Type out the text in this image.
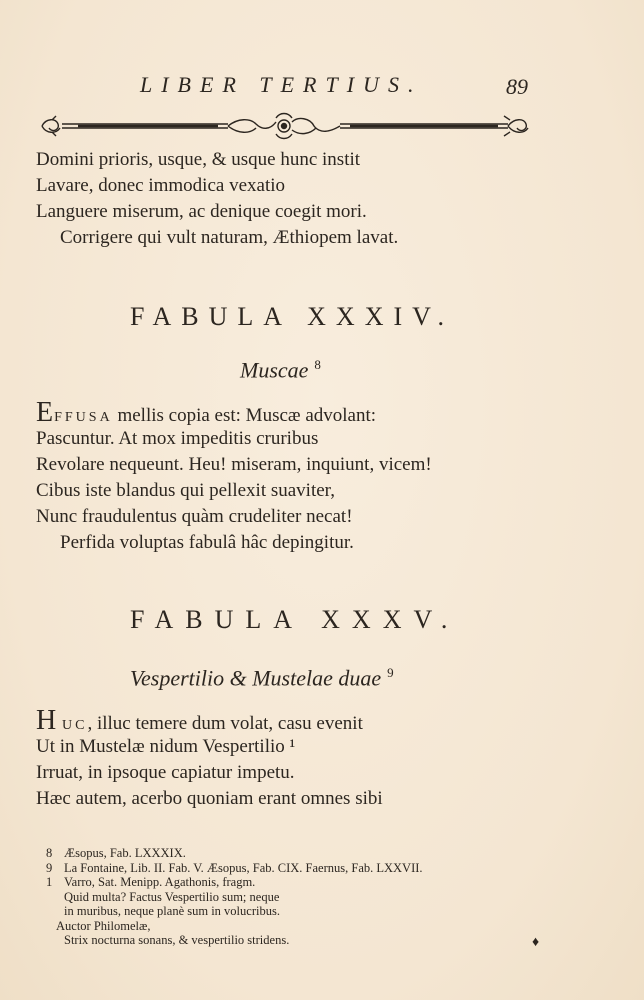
LIBER TERTIUS.	89
Domini prioris, usque, & usque hunc instit
Lavare, donec immodica vexatio
Languere miserum, ac denique coegit mori.
Corrigere qui vult naturam, Æthiopem lavat.
FABULA XXXIV.
Muscae $^8$
EFFUSA mellis copia est: Muscæ advolant:
Pascuntur. At mox impeditis cruribus
Revolare nequeunt. Heu! miseram, inquiunt, vicem!
Cibus iste blandus qui pellexit suaviter,
Nunc fraudulentus quàm crudeliter necat!
Perfida voluptas fabulâ hâc depingitur.
FABULA XXXV.
Vespertilio & Mustelae duae $^9$
H UC, illuc temere dum volat, casu evenit
Ut in Mustelæ nidum Vespertilio ¹
Irruat, in ipsoque capiatur impetu.
Hæc autem, acerbo quoniam erant omnes sibi
8 Æsopus, Fab. LXXXIX.
9 La Fontaine, Lib. II. Fab. V. Æsopus, Fab. CIX. Faernus, Fab. LXXVII.
1 Varro, Sat. Menipp. Agathonis, fragm.
Quid multa? Factus Vespertilio sum; neque
in muribus, neque planè sum in volucribus.
Auctor Philomelæ,
Strix nocturna sonans, & vespertilio stridens.	♦
